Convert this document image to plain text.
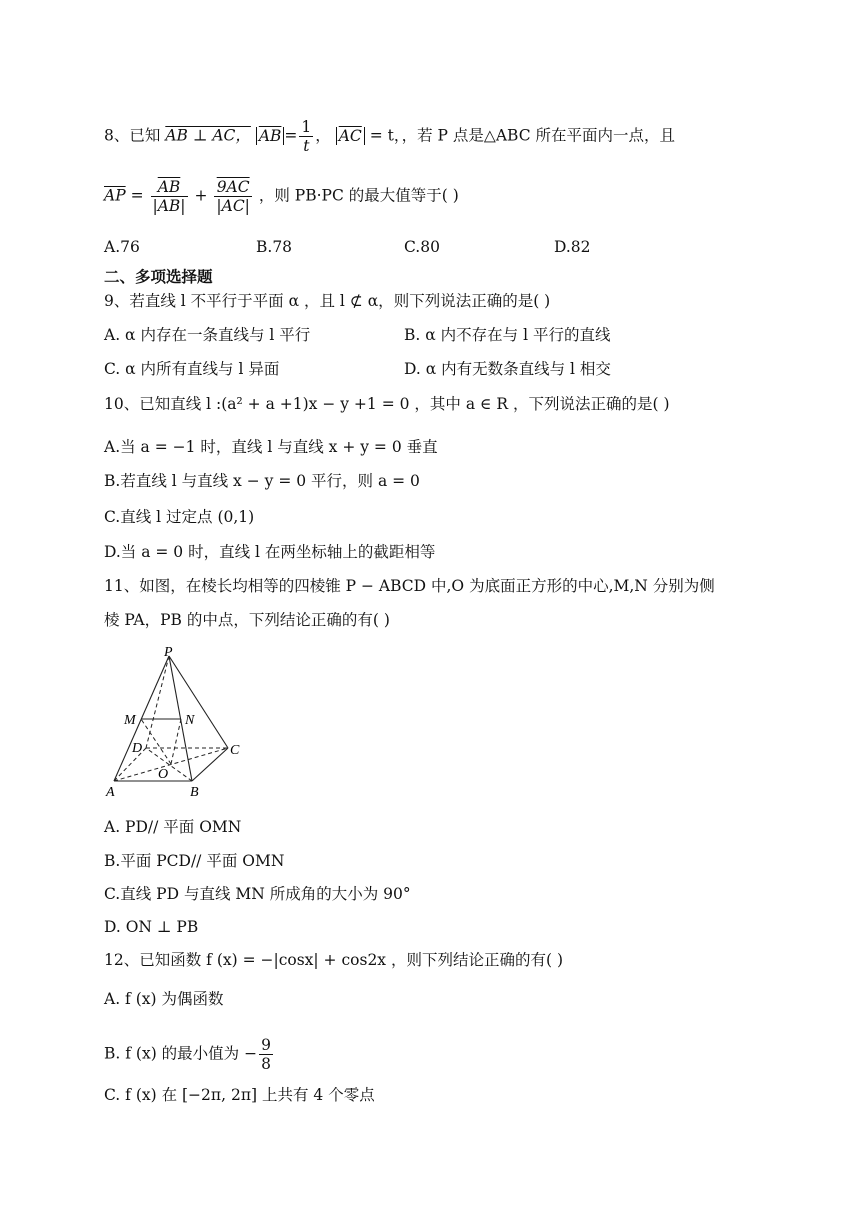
8、已知 AB ⊥ AC， $\overline{AB} = \frac{1}{t}$ ， $\overline{AC} = t$，，若 P 点是△ABC 所在平面内一点，且
$\overline{AP} = \frac{\overline{AB}}{|AB|} + \frac{9AC}{|AC|}$ ，则 PB·PC 的最大值等于( )
A.76	B.78	C.80	D.82
二、多项选择题
9、若直线 l 不平行于平面 α ，且 l ⊄ α，则下列说法正确的是( )
A. α 内存在一条直线与 l 平行	B. α 内不存在与 l 平行的直线
C. α 内所有直线与 l 异面	D. α 内有无数条直线与 l 相交
10、已知直线 l :(a² + a +1)x − y +1 = 0 ，其中 a ∈ R ，下列说法正确的是( )
A.当 a = −1 时，直线 l 与直线 x + y = 0 垂直
B.若直线 l 与直线 x − y = 0 平行，则 a = 0
C.直线 l 过定点 (0,1)
D.当 a = 0 时，直线 l 在两坐标轴上的截距相等
11、如图，在棱长均相等的四棱锥 P − ABCD 中,O 为底面正方形的中心,M,N 分别为侧
棱 PA，PB 的中点，下列结论正确的有( )
P
M	N
D	C
O
A	B
A. PD// 平面 OMN
B.平面 PCD// 平面 OMN
C.直线 PD 与直线 MN 所成角的大小为 90°
D. ON ⊥ PB
12、已知函数 f (x) = −|cosx| + cos2x ，则下列结论正确的有( )
A. f (x) 为偶函数
B. f (x) 的最小值为 − $\frac{9}{8}$
C. f (x) 在 [−2π, 2π] 上共有 4 个零点
